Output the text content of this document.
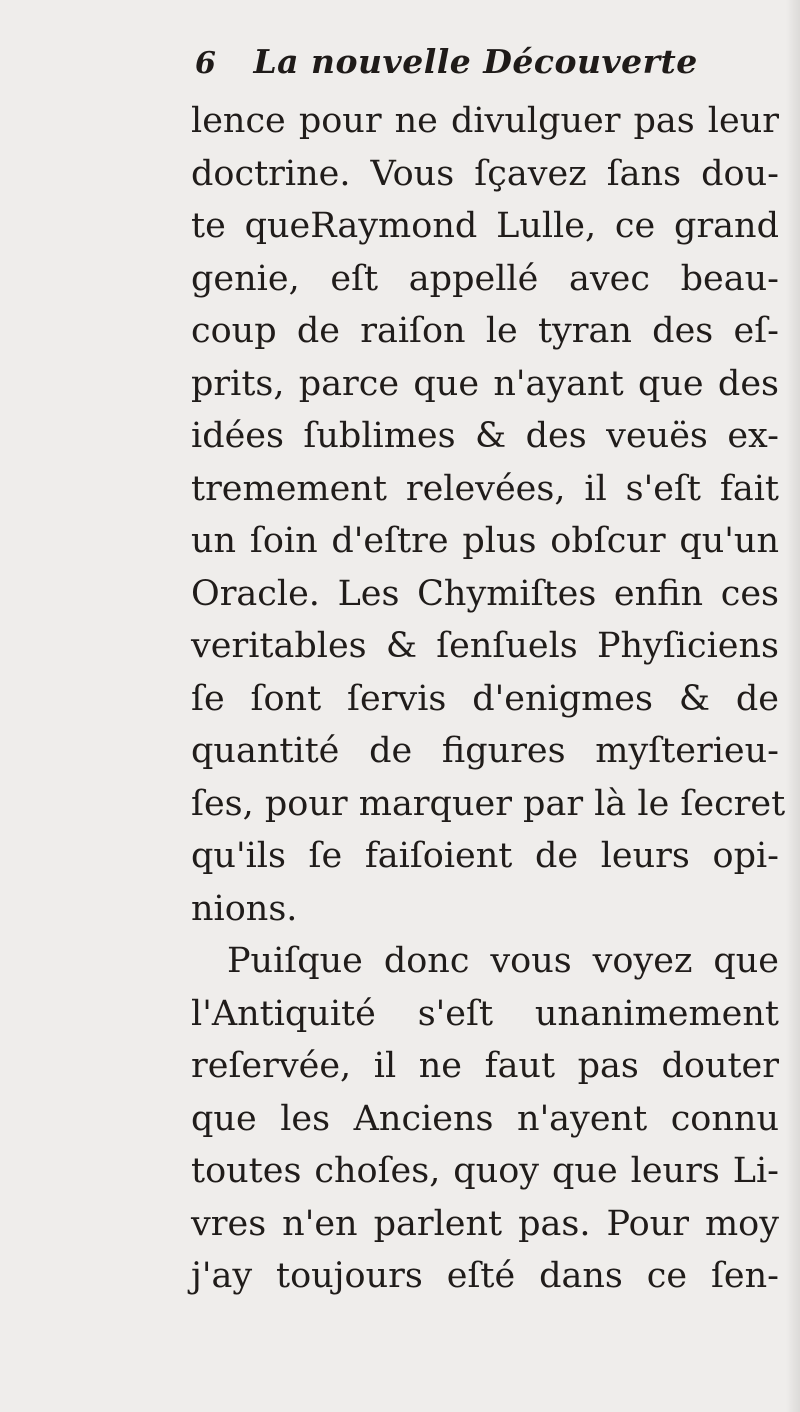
6 La nouvelle Découverte
lence pour ne divulguer pas leur
doctrine. Vous ſçavez ſans dou-
te queRaymond Lulle, ce grand
genie, eſt appellé avec beau-
coup de raiſon le tyran des eſ-
prits, parce que n'ayant que des
idées ſublimes & des veuës ex-
tremement relevées, il s'eſt fait
un ſoin d'eſtre plus obſcur qu'un
Oracle. Les Chymiſtes enfin ces
veritables & ſenſuels Phyſiciens
ſe ſont ſervis d'enigmes & de
quantité de figures myſterieu-
ſes, pour marquer par là le ſecret
qu'ils ſe faiſoient de leurs opi-
nions.
Puiſque donc vous voyez que
l'Antiquité s'eſt unanimement
reſervée, il ne faut pas douter
que les Anciens n'ayent connu
toutes choſes, quoy que leurs Li-
vres n'en parlent pas. Pour moy
j'ay toujours eſté dans ce ſen-
